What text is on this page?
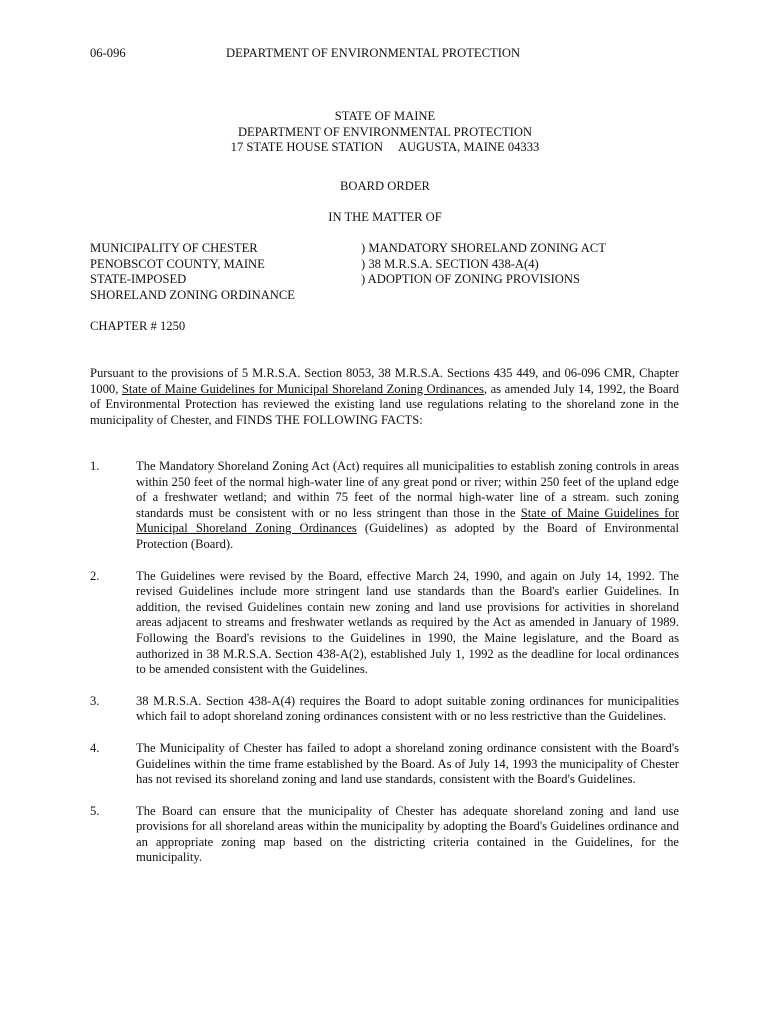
06-096	DEPARTMENT OF ENVIRONMENTAL PROTECTION
STATE OF MAINE
DEPARTMENT OF ENVIRONMENTAL PROTECTION
17 STATE HOUSE STATION     AUGUSTA, MAINE 04333
BOARD ORDER
IN THE MATTER OF
MUNICIPALITY OF CHESTER
PENOBSCOT COUNTY, MAINE
STATE-IMPOSED
SHORELAND ZONING ORDINANCE
) MANDATORY SHORELAND ZONING ACT
) 38 M.R.S.A. SECTION 438-A(4)
) ADOPTION OF ZONING PROVISIONS
CHAPTER # 1250
Pursuant to the provisions of 5 M.R.S.A. Section 8053, 38 M.R.S.A. Sections 435 449, and 06-096 CMR, Chapter 1000, State of Maine Guidelines for Municipal Shoreland Zoning Ordinances, as amended July 14, 1992, the Board of Environmental Protection has reviewed the existing land use regulations relating to the shoreland zone in the municipality of Chester, and FINDS THE FOLLOWING FACTS:
1.	The Mandatory Shoreland Zoning Act (Act) requires all municipalities to establish zoning controls in areas within 250 feet of the normal high-water line of any great pond or river; within 250 feet of the upland edge of a freshwater wetland; and within 75 feet of the normal high-water line of a stream. such zoning standards must be consistent with or no less stringent than those in the State of Maine Guidelines for Municipal Shoreland Zoning Ordinances (Guidelines) as adopted by the Board of Environmental Protection (Board).
2.	The Guidelines were revised by the Board, effective March 24, 1990, and again on July 14, 1992. The revised Guidelines include more stringent land use standards than the Board's earlier Guidelines. In addition, the revised Guidelines contain new zoning and land use provisions for activities in shoreland areas adjacent to streams and freshwater wetlands as required by the Act as amended in January of 1989. Following the Board's revisions to the Guidelines in 1990, the Maine legislature, and the Board as authorized in 38 M.R.S.A. Section 438-A(2), established July 1, 1992 as the deadline for local ordinances to be amended consistent with the Guidelines.
3.	38 M.R.S.A. Section 438-A(4) requires the Board to adopt suitable zoning ordinances for municipalities which fail to adopt shoreland zoning ordinances consistent with or no less restrictive than the Guidelines.
4.	The Municipality of Chester has failed to adopt a shoreland zoning ordinance consistent with the Board's Guidelines within the time frame established by the Board. As of July 14, 1993 the municipality of Chester has not revised its shoreland zoning and land use standards, consistent with the Board's Guidelines.
5.	The Board can ensure that the municipality of Chester has adequate shoreland zoning and land use provisions for all shoreland areas within the municipality by adopting the Board's Guidelines ordinance and an appropriate zoning map based on the districting criteria contained in the Guidelines, for the municipality.
